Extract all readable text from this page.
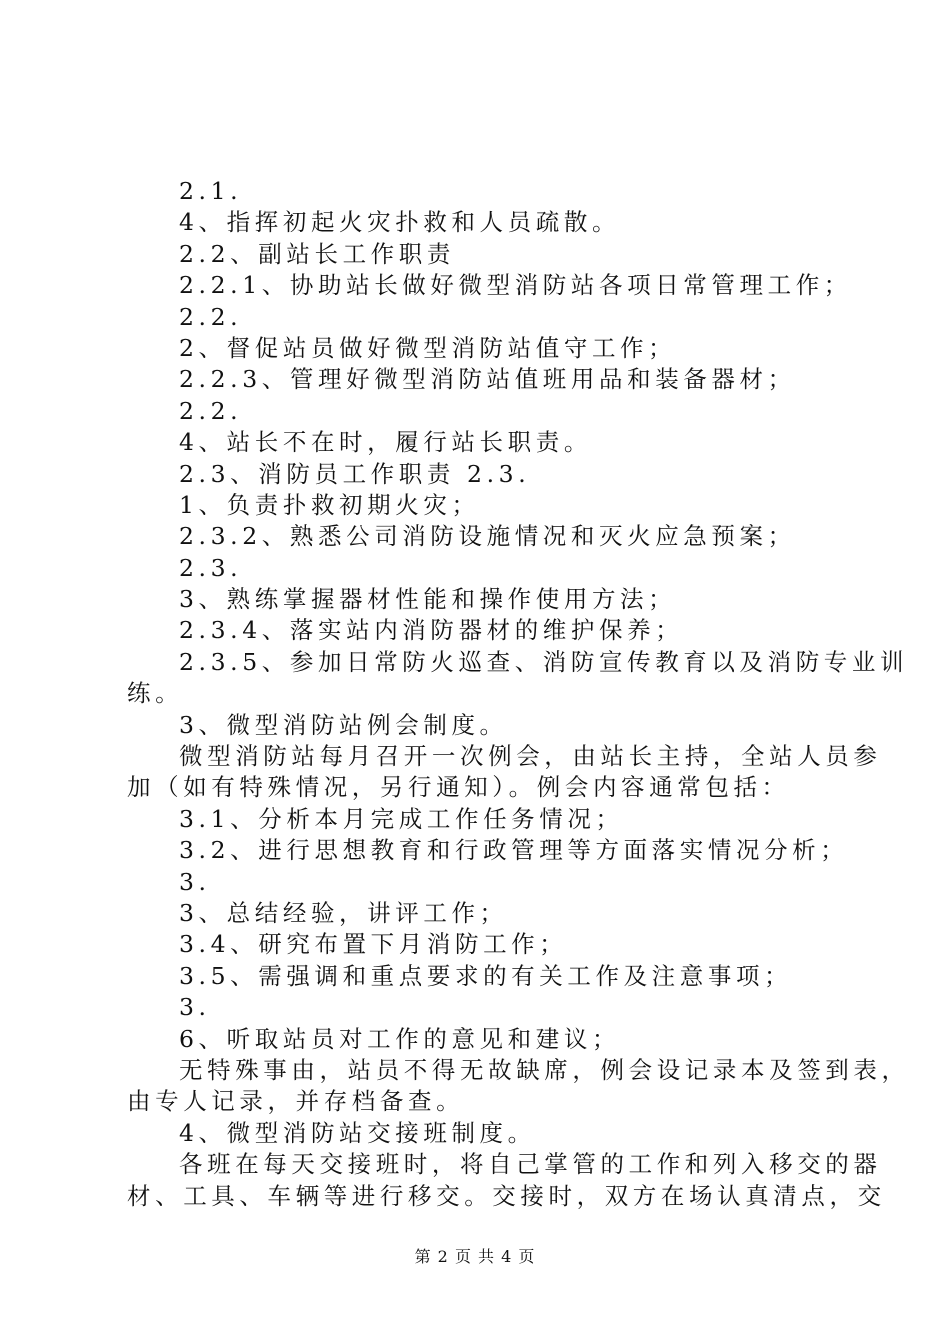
2.1.
4、指挥初起火灾扑救和人员疏散。
2.2、副站长工作职责
2.2.1、协助站长做好微型消防站各项日常管理工作；
2.2.
2、督促站员做好微型消防站值守工作；
2.2.3、管理好微型消防站值班用品和装备器材；
2.2.
4、站长不在时，履行站长职责。
2.3、消防员工作职责 2.3.
1、负责扑救初期火灾；
2.3.2、熟悉公司消防设施情况和灭火应急预案；
2.3.
3、熟练掌握器材性能和操作使用方法；
2.3.4、落实站内消防器材的维护保养；
2.3.5、参加日常防火巡查、消防宣传教育以及消防专业训
练。
3、微型消防站例会制度。
微型消防站每月召开一次例会，由站长主持，全站人员参
加（如有特殊情况，另行通知）。例会内容通常包括：
3.1、分析本月完成工作任务情况；
3.2、进行思想教育和行政管理等方面落实情况分析；
3.
3、总结经验，讲评工作；
3.4、研究布置下月消防工作；
3.5、需强调和重点要求的有关工作及注意事项；
3.
6、听取站员对工作的意见和建议；
无特殊事由，站员不得无故缺席，例会设记录本及签到表，
由专人记录，并存档备查。
4、微型消防站交接班制度。
各班在每天交接班时，将自己掌管的工作和列入移交的器
材、工具、车辆等进行移交。交接时，双方在场认真清点，交
第 2 页 共 4 页
